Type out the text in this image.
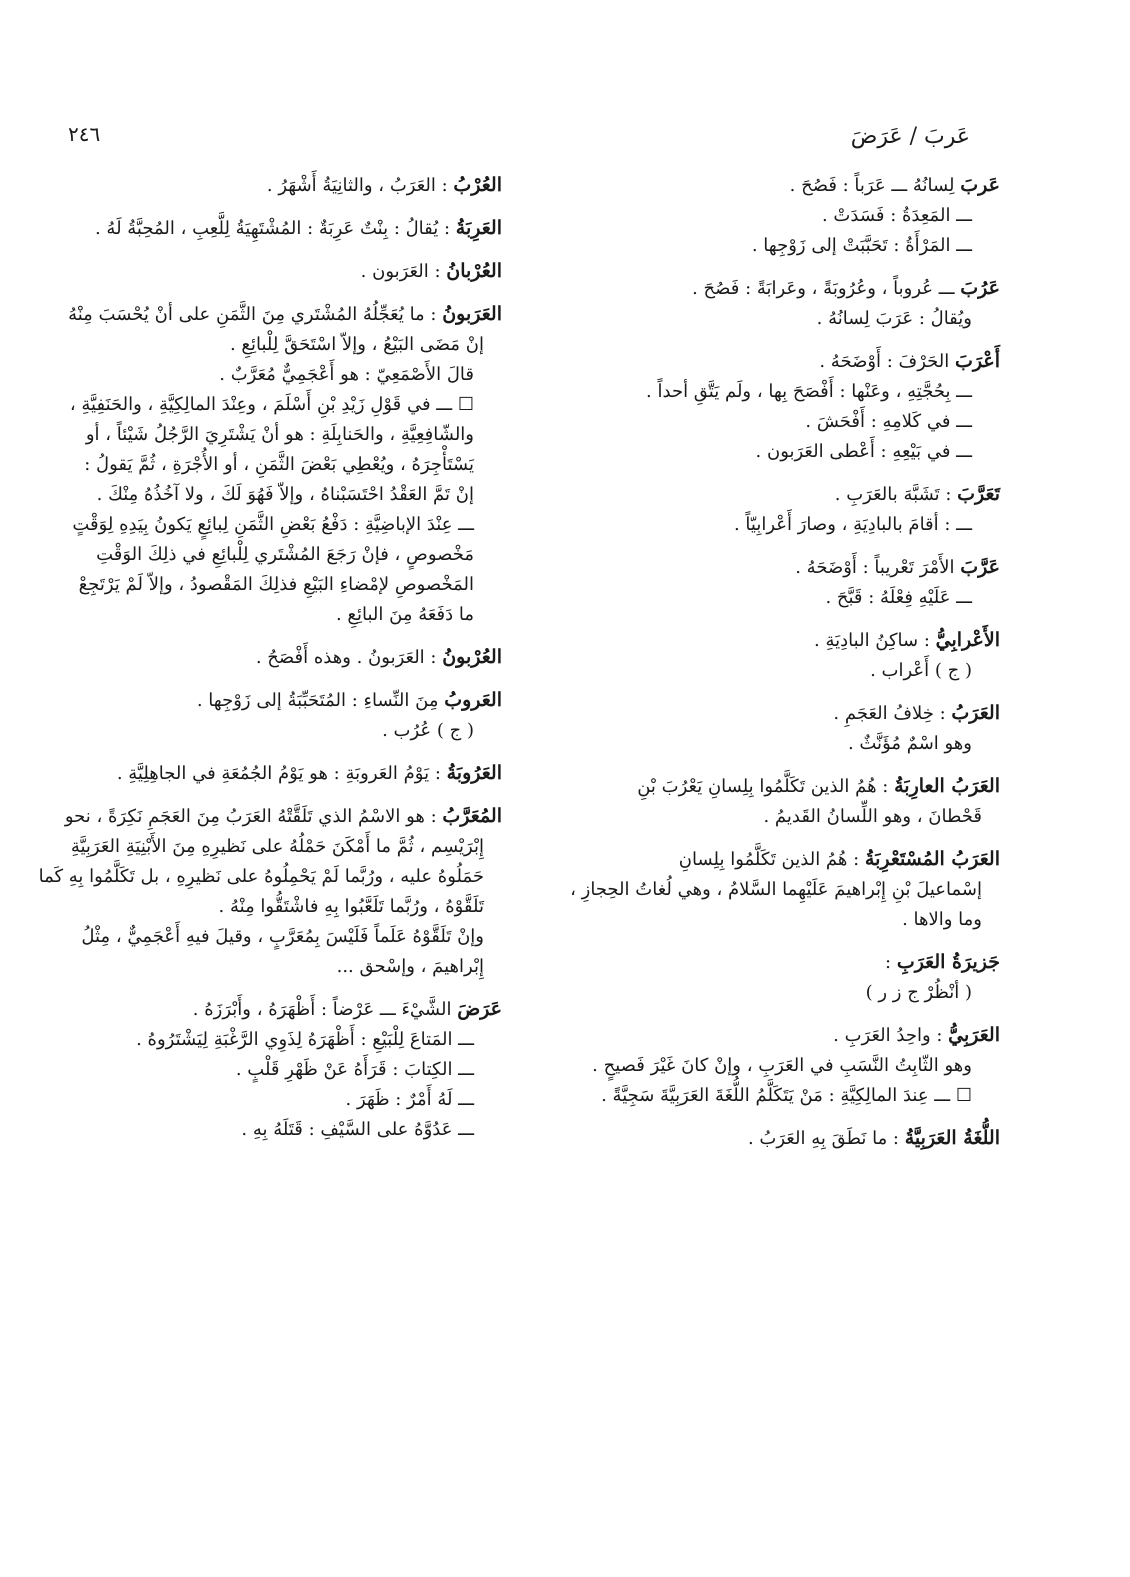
عَربَ / عَرَضَ
٢٤٦
عَربَ لِسانُهُ ـــ عَرَباً : فَصُحَ .
ـــ المَعِدَةُ : فَسَدَتْ .
ـــ المَرْأَةُ : تَحَبَّبَتْ إلى زَوْجِها .
عَرُبَ ـــ عُروباً ، وعُرُوبَةً ، وعَرابَةً : فَصُحَ .
ويُقالُ : عَرَبَ لِسانُهُ .
أَعْرَبَ الحَرْفَ : أَوْضَحَهُ .
ـــ بِحُجَّتِهِ ، وعَنْها : أَفْصَحَ بِها ، ولَم يَتَّقِ أحداً .
ـــ في كَلامِهِ : أَفْحَشَ .
ـــ في بَيْعِهِ : أَعْطى العَرَبون .
تَعَرَّبَ : تَشَبَّهَ بالعَرَبِ .
ـــ : أقامَ بالبادِيَةِ ، وصارَ أَعْرابِيّاً .
عَرَّبَ الأَمْرَ تَعْريباً : أَوْضَحَهُ .
ـــ عَلَيْهِ فِعْلَهُ : قَبَّحَ .
الأَعْرابِيُّ : ساكِنُ البادِيَةِ .
( ج ) أَعْراب .
العَرَبُ : خِلافُ العَجَمِ .
وهو اسْمٌ مُؤَنَّثٌ .
العَرَبُ العارِبَةُ : هُمُ الذين تَكَلَّمُوا بِلِسانِ يَعْرُبَ بْنِ
قَحْطانَ ، وهو اللِّسانُ القَديمُ .
العَرَبُ المُسْتَعْرِبَةُ : هُمُ الذين تَكَلَّمُوا بِلِسانِ
إسْماعيلَ بْنِ إِبْراهيمَ عَلَيْهِما السَّلامُ ، وهي لُغاتُ الحِجازِ ،
وما والاها .
جَزيرَةُ العَرَبِ :
( أنْظُرْ ج ز ر )
العَرَبِيُّ : واحِدُ العَرَبِ .
وهو الثّابِتُ النَّسَبِ في العَرَبِ ، وإنْ كانَ غَيْرَ فَصيحٍ .
☐ ـــ عِندَ المالِكِيَّةِ : مَنْ يَتَكَلَّمُ اللُّغَةَ العَرَبِيَّةَ سَجِيَّةً .
اللُّغَةُ العَرَبِيَّةُ : ما نَطَقَ بِهِ العَرَبُ .
العُرْبُ : العَرَبُ ، والثانِيَةُ أَشْهَرُ .
العَرِبَةُ : يُقالُ : بِنْتٌ عَرِبَةٌ : المُشْتَهِيَةُ لِلَّعِبِ ، المُحِبَّةُ لَهُ .
العُرْبانُ : العَرَبون .
العَرَبونُ : ما يُعَجِّلُهُ المُشْتَري مِنَ الثَّمَنِ على أنْ يُحْسَبَ مِنْهُ
إنْ مَضَى البَيْعُ ، وإلاّ اسْتَحَقَّ لِلْبائِعِ .
قالَ الأَصْمَعِيّ : هو أَعْجَمِيٌّ مُعَرَّبٌ .
☐ ـــ في قَوْلِ زَيْدِ بْنِ أَسْلَمَ ، وعِنْدَ المالِكِيَّةِ ، والحَنَفِيَّةِ ،
والشّافِعِيَّةِ ، والحَنابِلَةِ : هو أنْ يَشْتَرِيَ الرَّجُلُ شَيْئاً ، أو
يَسْتَأْجِرَهُ ، ويُعْطِي بَعْضَ الثَّمَنِ ، أو الأُجْرَةِ ، ثُمَّ يَقولُ :
إنْ تَمَّ العَقْدُ احْتَسَبْناهُ ، وإلاّ فَهُوَ لَكَ ، ولا آخُذُهُ مِنْكَ .
ـــ عِنْدَ الإباضِيَّةِ : دَفْعُ بَعْضِ الثَّمَنِ لِبائِعٍ يَكونُ بِيَدِهِ لِوَقْتٍ
مَخْصوصٍ ، فإنْ رَجَعَ المُشْتَري لِلْبائِعِ في ذلِكَ الوَقْتِ
المَخْصوصِ لإمْضاءِ البَيْعِ فذلِكَ المَقْصودُ ، وإلاّ لَمْ يَرْتَجِعْ
ما دَفَعَهُ مِنَ البائِعِ .
العُرْبونُ : العَرَبونُ . وهذه أَفْصَحُ .
العَروبُ مِنَ النِّساءِ : المُتَحَبِّبَةُ إلى زَوْجِها .
( ج ) عُرُب .
العَرُوبَةُ : يَوْمُ العَروبَةِ : هو يَوْمُ الجُمُعَةِ في الجاهِلِيَّةِ .
المُعَرَّبُ : هو الاسْمُ الذي تَلَقَّتْهُ العَرَبُ مِنَ العَجَمِ نَكِرَةً ، نحو
إِبْرَيْسِم ، ثُمَّ ما أَمْكَنَ حَمْلُهُ على نَظيرِهِ مِنَ الأَبْنِيَةِ العَرَبِيَّةِ
حَمَلُوهُ عليه ، ورُبَّما لَمْ يَحْمِلُوهُ على نَظيرِهِ ، بل تَكَلَّمُوا بِهِ كَما
تَلَقَّوْهُ ، ورُبَّما تَلَعَّبُوا بِهِ فاشْتَقُّوا مِنْهُ .
وإنْ تَلَقَّوْهُ عَلَماً فَلَيْسَ بِمُعَرَّبٍ ، وقيلَ فيهِ أَعْجَمِيٌّ ، مِثْلُ
إِبْراهيمَ ، وإسْحق ...
عَرَضَ الشَّيْءَ ـــ عَرْضاً : أَظْهَرَهُ ، وأَبْرَزَهُ .
ـــ المَتاعَ لِلْبَيْعِ : أَظْهَرَهُ لِذَوِي الرَّغْبَةِ لِيَشْتَرُوهُ .
ـــ الكِتابَ : قَرَأَهُ عَنْ ظَهْرِ قَلْبٍ .
ـــ لَهُ أَمْرٌ : ظَهَرَ .
ـــ عَدُوَّهُ على السَّيْفِ : قَتَلَهُ بِهِ .
